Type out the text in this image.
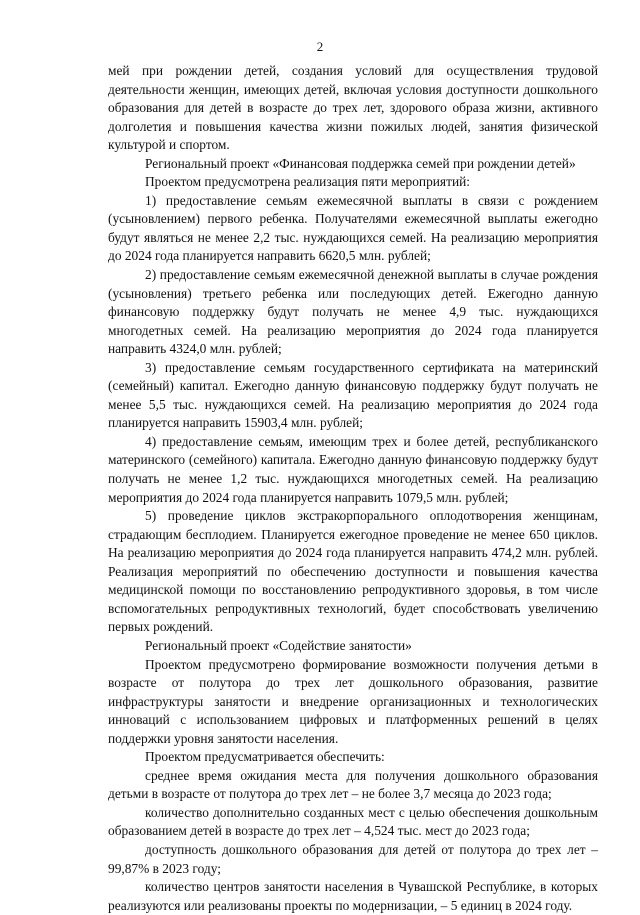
2

мей при рождении детей, создания условий для осуществления трудовой деятельности женщин, имеющих детей, включая условия доступности дошкольного образования для детей в возрасте до трех лет, здорового образа жизни, активного долголетия и повышения качества жизни пожилых людей, занятия физической культурой и спортом.

Региональный проект «Финансовая поддержка семей при рождении детей»

Проектом предусмотрена реализация пяти мероприятий:

1) предоставление семьям ежемесячной выплаты в связи с рождением (усыновлением) первого ребенка. Получателями ежемесячной выплаты ежегодно будут являться не менее 2,2 тыс. нуждающихся семей. На реализацию мероприятия до 2024 года планируется направить 6620,5 млн. рублей;

2) предоставление семьям ежемесячной денежной выплаты в случае рождения (усыновления) третьего ребенка или последующих детей. Ежегодно данную финансовую поддержку будут получать не менее 4,9 тыс. нуждающихся многодетных семей. На реализацию мероприятия до 2024 года планируется направить 4324,0 млн. рублей;

3) предоставление семьям государственного сертификата на материнский (семейный) капитал. Ежегодно данную финансовую поддержку будут получать не менее 5,5 тыс. нуждающихся семей. На реализацию мероприятия до 2024 года планируется направить 15903,4 млн. рублей;

4) предоставление семьям, имеющим трех и более детей, республиканского материнского (семейного) капитала. Ежегодно данную финансовую поддержку будут получать не менее 1,2 тыс. нуждающихся многодетных семей. На реализацию мероприятия до 2024 года планируется направить 1079,5 млн. рублей;

5) проведение циклов экстракорпорального оплодотворения женщинам, страдающим бесплодием. Планируется ежегодное проведение не менее 650 циклов. На реализацию мероприятия до 2024 года планируется направить 474,2 млн. рублей. Реализация мероприятий по обеспечению доступности и повышения качества медицинской помощи по восстановлению репродуктивного здоровья, в том числе вспомогательных репродуктивных технологий, будет способствовать увеличению первых рождений.

Региональный проект «Содействие занятости»

Проектом предусмотрено формирование возможности получения детьми в возрасте от полутора до трех лет дошкольного образования, развитие инфраструктуры занятости и внедрение организационных и технологических инноваций с использованием цифровых и платформенных решений в целях поддержки уровня занятости населения.

Проектом предусматривается обеспечить:

среднее время ожидания места для получения дошкольного образования детьми в возрасте от полутора до трех лет – не более 3,7 месяца до 2023 года;

количество дополнительно созданных мест с целью обеспечения дошкольным образованием детей в возрасте до трех лет – 4,524 тыс. мест до 2023 года;

доступность дошкольного образования для детей от полутора до трех лет – 99,87% в 2023 году;

количество центров занятости населения в Чувашской Республике, в которых реализуются или реализованы проекты по модернизации, – 5 единиц в 2024 году.
